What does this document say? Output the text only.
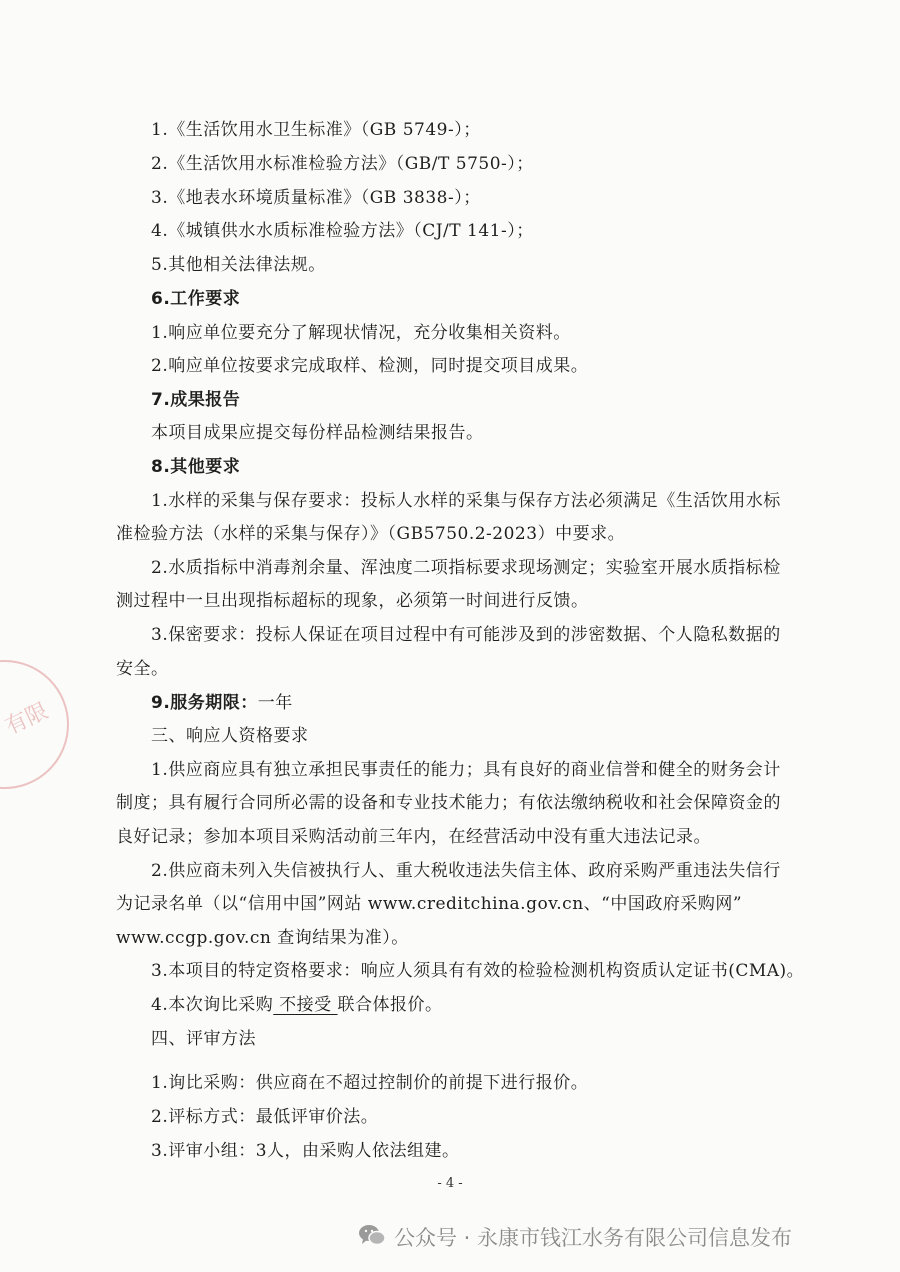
有限

1.《生活饮用水卫生标准》（GB 5749-）；

2.《生活饮用水标准检验方法》（GB/T 5750-）；

3.《地表水环境质量标准》（GB 3838-）；

4.《城镇供水水质标准检验方法》（CJ/T 141-）；

5.其他相关法律法规。

6.工作要求

1.响应单位要充分了解现状情况，充分收集相关资料。

2.响应单位按要求完成取样、检测，同时提交项目成果。

7.成果报告

本项目成果应提交每份样品检测结果报告。

8.其他要求

1.水样的采集与保存要求：投标人水样的采集与保存方法必须满足《生活饮用水标

准检验方法（水样的采集与保存）》（GB5750.2-2023）中要求。

2.水质指标中消毒剂余量、浑浊度二项指标要求现场测定；实验室开展水质指标检

测过程中一旦出现指标超标的现象，必须第一时间进行反馈。

3.保密要求：投标人保证在项目过程中有可能涉及到的涉密数据、个人隐私数据的

安全。

9.服务期限：一年

三、响应人资格要求

1.供应商应具有独立承担民事责任的能力；具有良好的商业信誉和健全的财务会计

制度；具有履行合同所必需的设备和专业技术能力；有依法缴纳税收和社会保障资金的

良好记录；参加本项目采购活动前三年内，在经营活动中没有重大违法记录。

2.供应商未列入失信被执行人、重大税收违法失信主体、政府采购严重违法失信行

为记录名单（以“信用中国”网站 www.creditchina.gov.cn、“中国政府采购网”

www.ccgp.gov.cn 查询结果为准）。

3.本项目的特定资格要求：响应人须具有有效的检验检测机构资质认定证书(CMA)。

4.本次询比采购 不接受 联合体报价。

四、评审方法

1.询比采购：供应商在不超过控制价的前提下进行报价。

2.评标方式：最低评审价法。

3.评审小组：3人，由采购人依法组建。

- 4 -

公众号 · 永康市钱江水务有限公司信息发布
